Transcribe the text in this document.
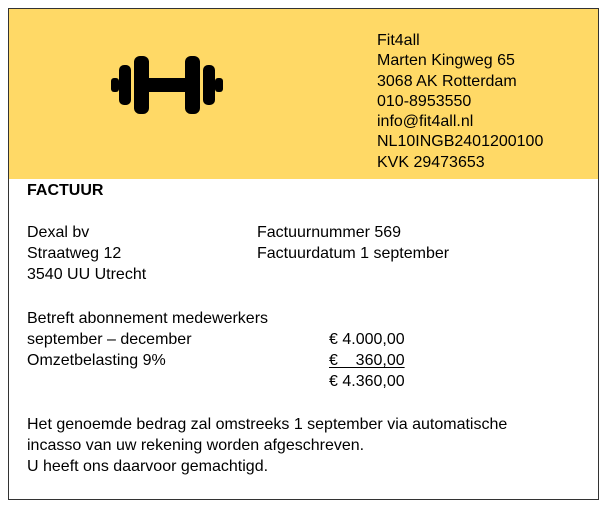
Fit4all
Marten Kingweg 65
3068 AK Rotterdam
010-8953550
info@fit4all.nl
NL10INGB2401200100
KVK 29473653
FACTUUR
Dexal bv
Straatweg 12
3540 UU Utrecht
Factuurnummer 569
Factuurdatum 1 september
Betreft abonnement medewerkers
september – december	€ 4.000,00
Omzetbelasting 9%	€    360,00
€ 4.360,00
Het genoemde bedrag zal omstreeks 1 september via automatische
incasso van uw rekening worden afgeschreven.
U heeft ons daarvoor gemachtigd.
